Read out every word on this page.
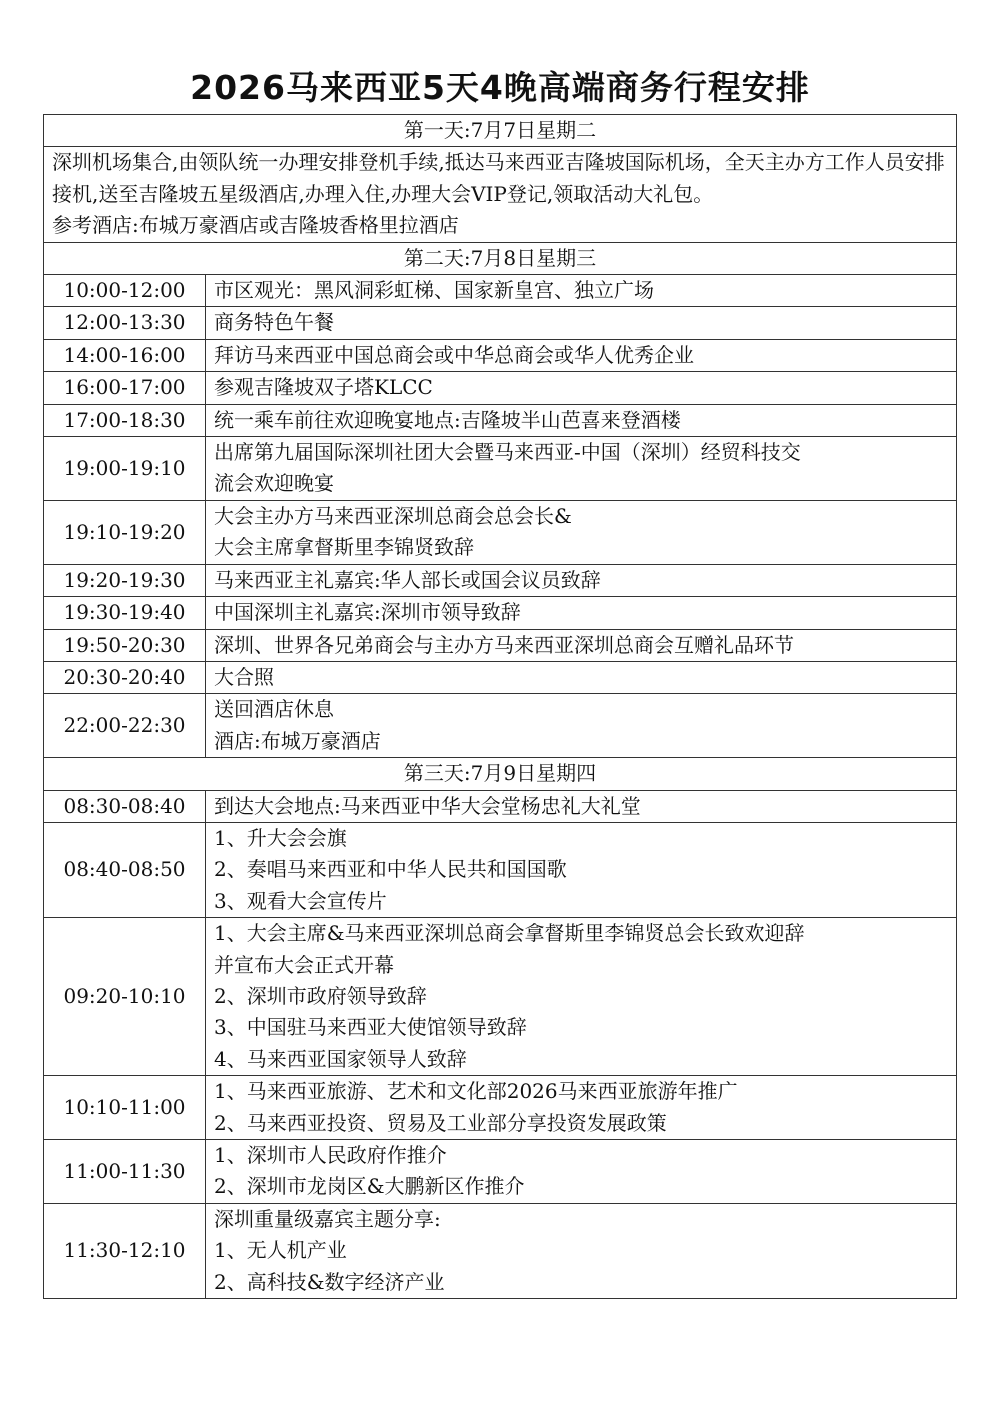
2026马来西亚5天4晚高端商务行程安排
第一天:7月7日星期二	

深圳机场集合,由领队统一办理安排登机手续,抵达马来西亚吉隆坡国际机场，全天主办方工作人员安排接机,送至吉隆坡五星级酒店,办理入住,办理大会VIP登记,领取活动大礼包。
参考酒店:布城万豪酒店或吉隆坡香格里拉酒店	

第二天:7月8日星期三	
10:00-12:00	市区观光：黑风洞彩虹梯、国家新皇宫、独立广场

12:00-13:30	商务特色午餐

14:00-16:00	拜访马来西亚中国总商会或中华总商会或华人优秀企业

16:00-17:00	参观吉隆坡双子塔KLCC

17:00-18:30	统一乘车前往欢迎晚宴地点:吉隆坡半山芭喜来登酒楼

19:00-19:10	出席第九届国际深圳社团大会暨马来西亚-中国（深圳）经贸科技交
流会欢迎晚宴

19:10-19:20	大会主办方马来西亚深圳总商会总会长&
大会主席拿督斯里李锦贤致辞

19:20-19:30	马来西亚主礼嘉宾:华人部长或国会议员致辞

19:30-19:40	中国深圳主礼嘉宾:深圳市领导致辞

19:50-20:30	深圳、世界各兄弟商会与主办方马来西亚深圳总商会互赠礼品环节

20:30-20:40	大合照

22:00-22:30	送回酒店休息
酒店:布城万豪酒店

第三天:7月9日星期四	
08:30-08:40	到达大会地点:马来西亚中华大会堂杨忠礼大礼堂

08:40-08:50	1、升大会会旗
2、奏唱马来西亚和中华人民共和国国歌
3、观看大会宣传片

09:20-10:10	1、大会主席&马来西亚深圳总商会拿督斯里李锦贤总会长致欢迎辞
并宣布大会正式开幕
2、深圳市政府领导致辞
3、中国驻马来西亚大使馆领导致辞
4、马来西亚国家领导人致辞

10:10-11:00	1、马来西亚旅游、艺术和文化部2026马来西亚旅游年推广
2、马来西亚投资、贸易及工业部分享投资发展政策

11:00-11:30	1、深圳市人民政府作推介
2、深圳市龙岗区&大鹏新区作推介

11:30-12:10	深圳重量级嘉宾主题分享:
1、无人机产业
2、高科技&数字经济产业
